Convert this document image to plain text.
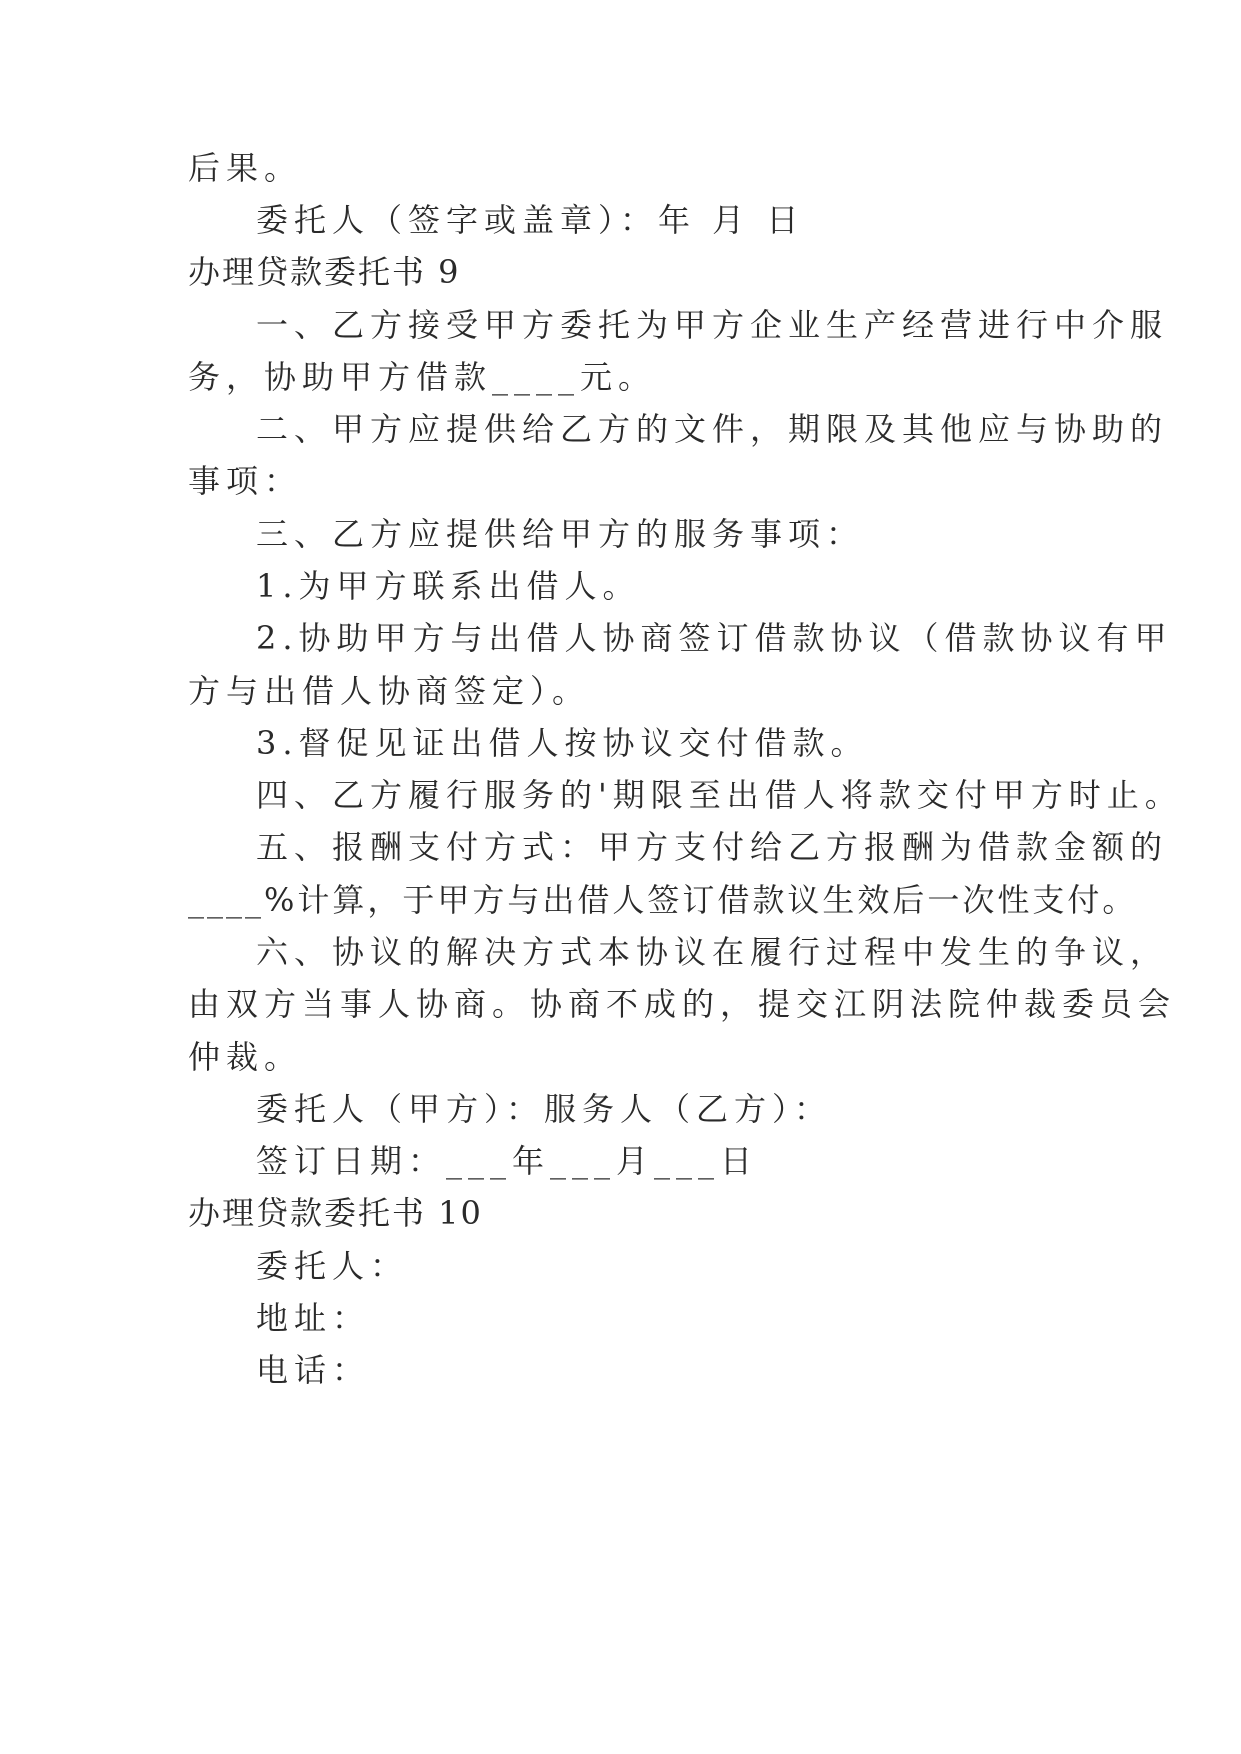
后果。
委托人（签字或盖章）：年 月 日
办理贷款委托书 9
一、乙方接受甲方委托为甲方企业生产经营进行中介服
务，协助甲方借款____元。
二、甲方应提供给乙方的文件，期限及其他应与协助的
事项：
三、乙方应提供给甲方的服务事项：
1.为甲方联系出借人。
2.协助甲方与出借人协商签订借款协议（借款协议有甲
方与出借人协商签定）。
3.督促见证出借人按协议交付借款。
四、乙方履行服务的'期限至出借人将款交付甲方时止。
五、报酬支付方式：甲方支付给乙方报酬为借款金额的
____%计算，于甲方与出借人签订借款议生效后一次性支付。
六、协议的解决方式本协议在履行过程中发生的争议，
由双方当事人协商。协商不成的，提交江阴法院仲裁委员会
仲裁。
委托人（甲方）：服务人（乙方）：
签订日期：___年___月___日
办理贷款委托书 10
委托人：
地址：
电话：
